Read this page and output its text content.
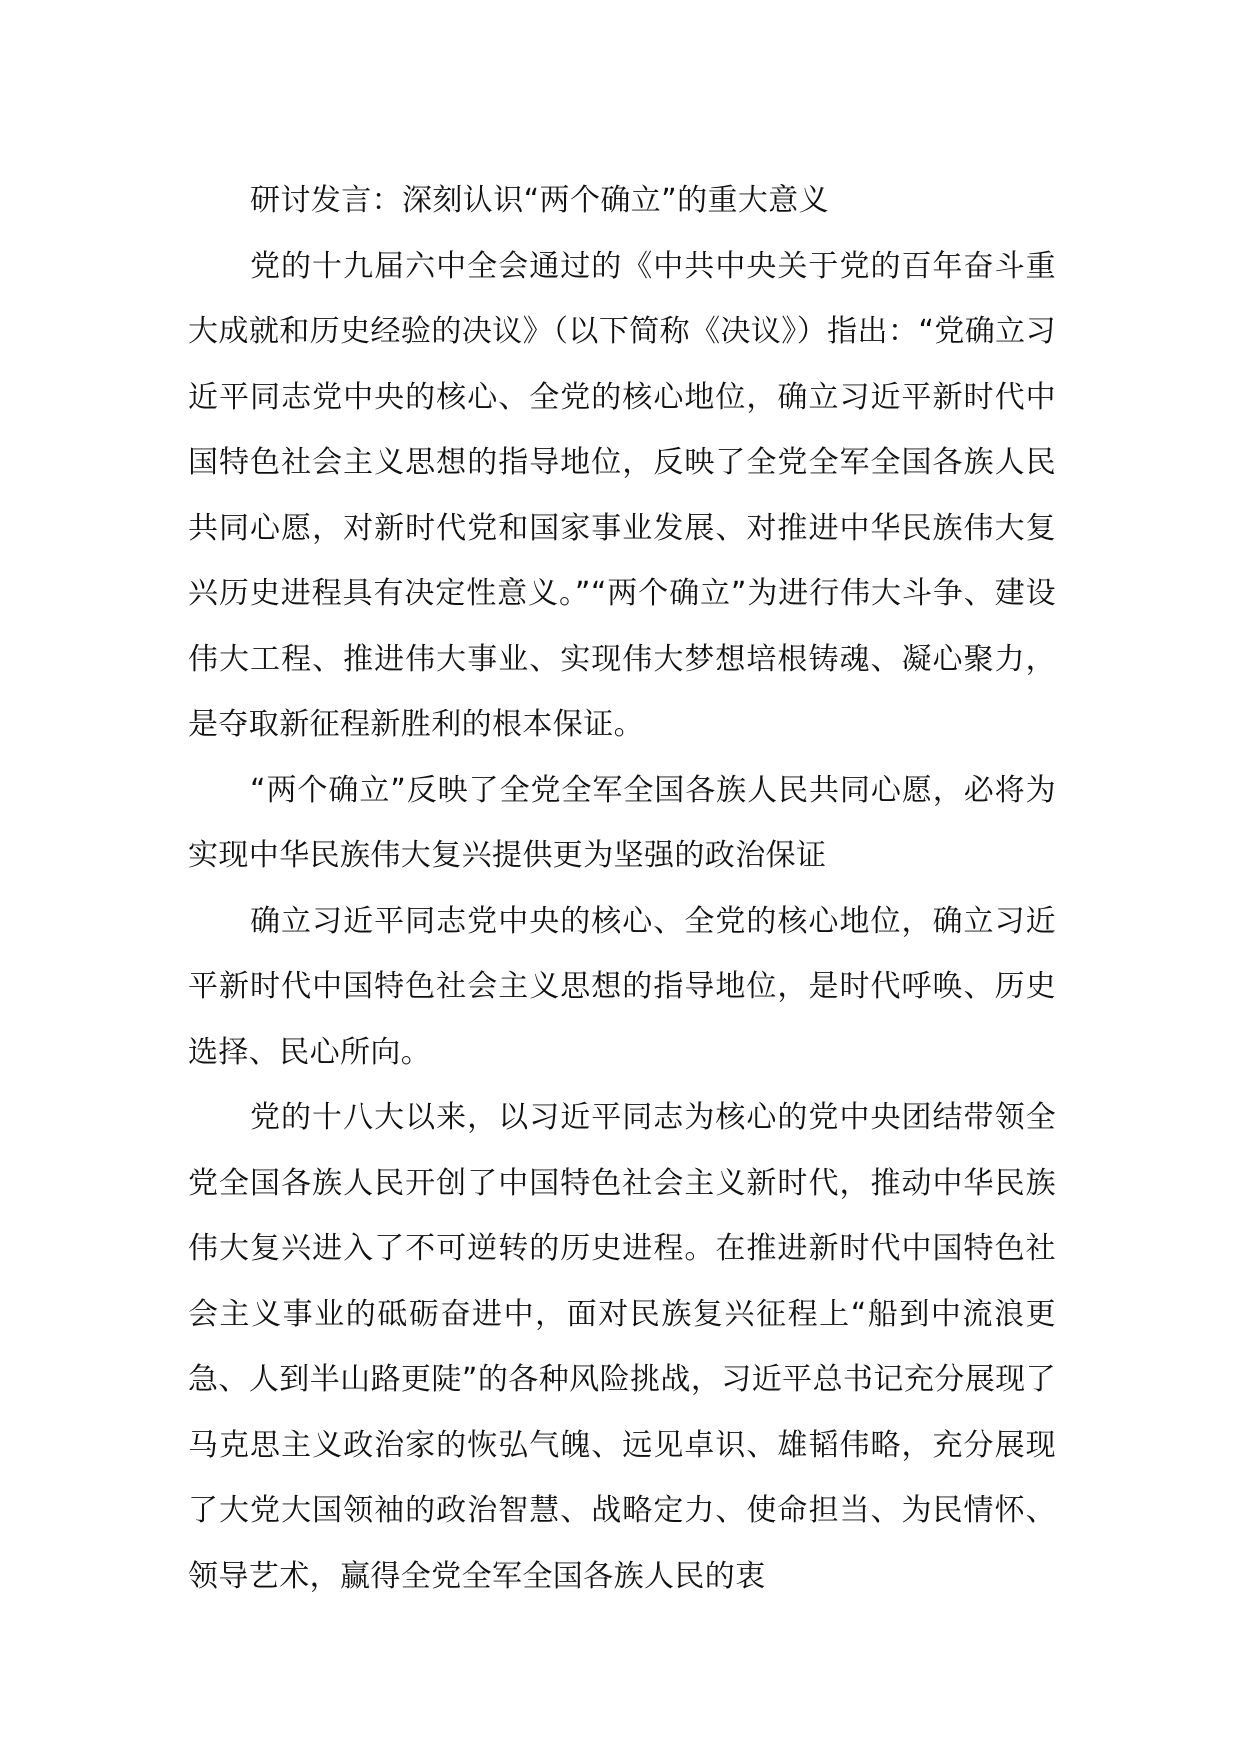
研讨发言：深刻认识“两个确立”的重大意义

党的十九届六中全会通过的《中共中央关于党的百年奋斗重大成就和历史经验的决议》（以下简称《决议》）指出：“党确立习近平同志党中央的核心、全党的核心地位，确立习近平新时代中国特色社会主义思想的指导地位，反映了全党全军全国各族人民共同心愿，对新时代党和国家事业发展、对推进中华民族伟大复兴历史进程具有决定性意义。”“两个确立”为进行伟大斗争、建设伟大工程、推进伟大事业、实现伟大梦想培根铸魂、凝心聚力，是夺取新征程新胜利的根本保证。

“两个确立”反映了全党全军全国各族人民共同心愿，必将为实现中华民族伟大复兴提供更为坚强的政治保证

确立习近平同志党中央的核心、全党的核心地位，确立习近平新时代中国特色社会主义思想的指导地位，是时代呼唤、历史选择、民心所向。

党的十八大以来，以习近平同志为核心的党中央团结带领全党全国各族人民开创了中国特色社会主义新时代，推动中华民族伟大复兴进入了不可逆转的历史进程。在推进新时代中国特色社会主义事业的砥砺奋进中，面对民族复兴征程上“船到中流浪更急、人到半山路更陡”的各种风险挑战，习近平总书记充分展现了马克思主义政治家的恢弘气魄、远见卓识、雄韬伟略，充分展现了大党大国领袖的政治智慧、战略定力、使命担当、为民情怀、领导艺术，赢得全党全军全国各族人民的衷
